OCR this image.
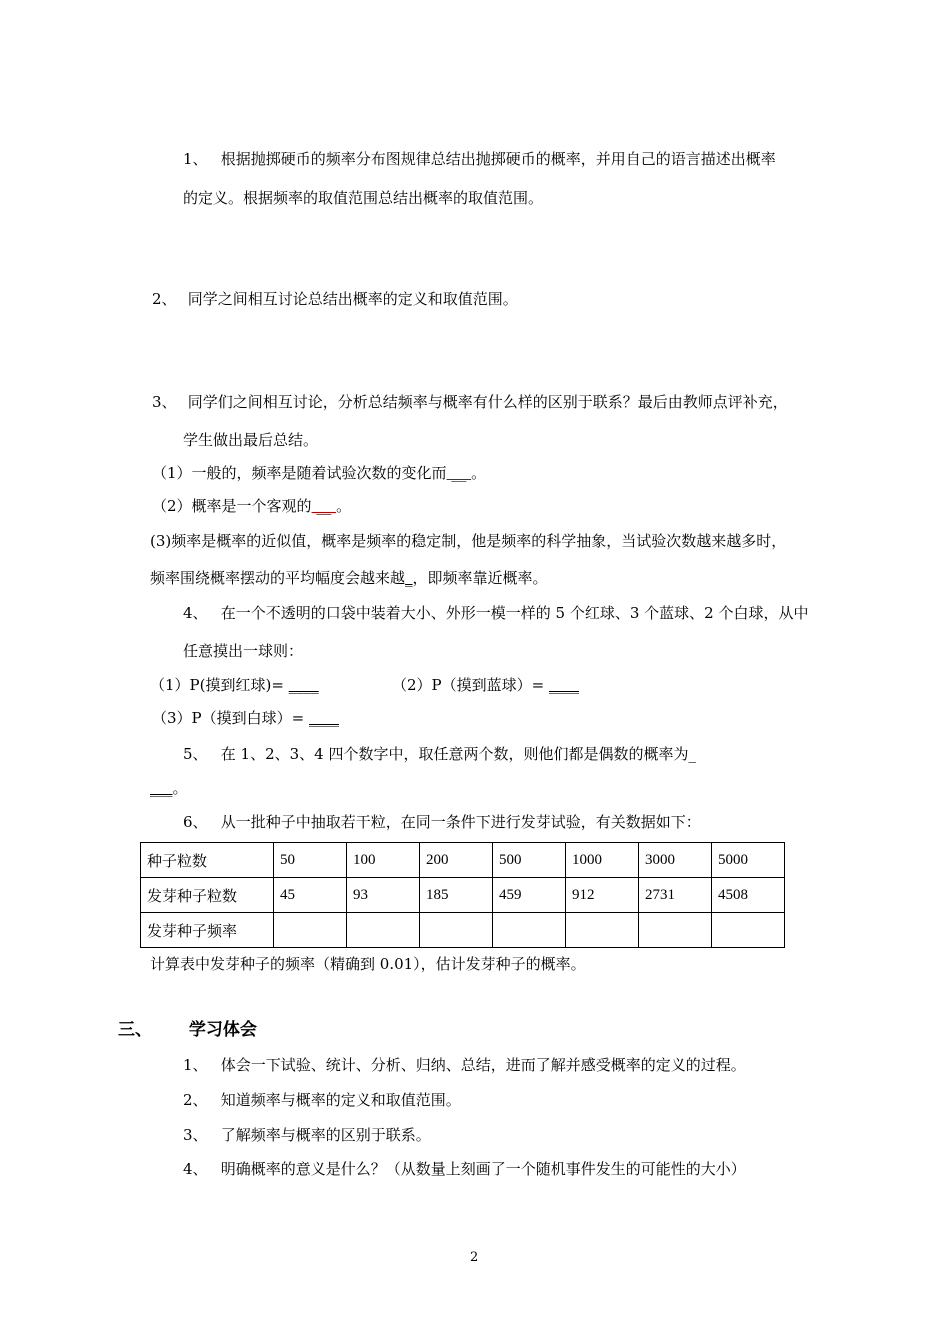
1、 根据抛掷硬币的频率分布图规律总结出抛掷硬币的概率，并用自己的语言描述出概率
的定义。根据频率的取值范围总结出概率的取值范围。
2、 同学之间相互讨论总结出概率的定义和取值范围。
3、 同学们之间相互讨论，分析总结频率与概率有什么样的区别于联系？最后由教师点评补充，
学生做出最后总结。
（1）一般的，频率是随着试验次数的变化而 __ 。
（2）概率是一个客观的 __ 。
(3)频率是概率的近似值，概率是频率的稳定制，他是频率的科学抽象，当试验次数越来越多时，
频率围绕概率摆动的平均幅度会越来越_，即频率靠近概率。
4、 在一个不透明的口袋中装着大小、外形一模一样的 5 个红球、3 个蓝球、2 个白球，从中
任意摸出一球则：
（1）P(摸到红球)= ____	（2）P（摸到蓝球）= ____
（3）P（摸到白球）= ____
5、 在 1、2、3、4 四个数字中，取任意两个数，则他们都是偶数的概率为_
___。
6、 从一批种子中抽取若干粒，在同一条件下进行发芽试验，有关数据如下：
种子粒数	50	100	200	500	1000	3000	5000
发芽种子粒数	45	93	185	459	912	2731	4508
发芽种子频率							
计算表中发芽种子的频率（精确到 0.01），估计发芽种子的概率。
三、 学习体会
1、 体会一下试验、统计、分析、归纳、总结，进而了解并感受概率的定义的过程。
2、 知道频率与概率的定义和取值范围。
3、 了解频率与概率的区别于联系。
4、 明确概率的意义是什么？（从数量上刻画了一个随机事件发生的可能性的大小）
2
